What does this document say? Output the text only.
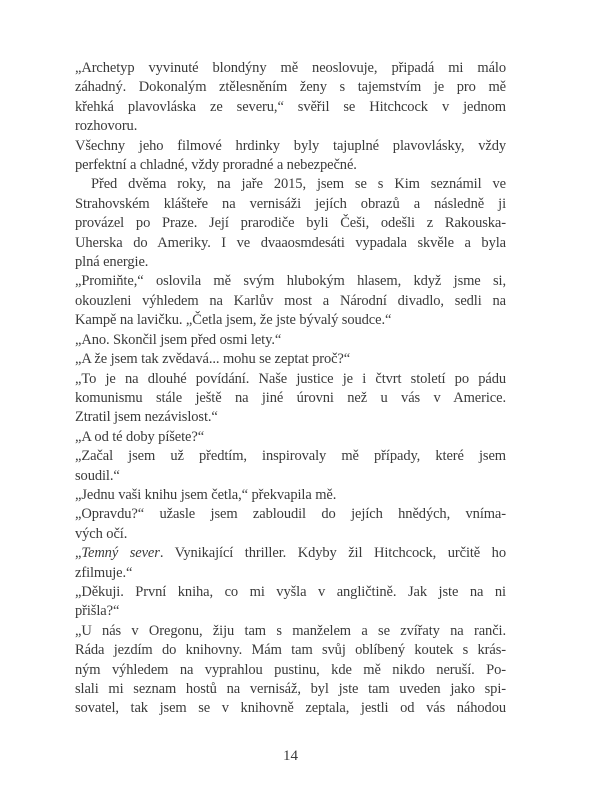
„Archetyp vyvinuté blondýny mě neoslovuje, připadá mi málo
záhadný. Dokonalým ztělesněním ženy s tajemstvím je pro mě
křehká plavovláska ze severu,“ svěřil se Hitchcock v jednom
rozhovoru.

Všechny jeho filmové hrdinky byly tajuplné plavovlásky, vždy
perfektní a chladné, vždy proradné a nebezpečné.

Před dvěma roky, na jaře 2015, jsem se s Kim seznámil ve
Strahovském klášteře na vernisáži jejích obrazů a následně ji
provázel po Praze. Její prarodiče byli Češi, odešli z Rakouska-
Uherska do Ameriky. I ve dvaaosmdesáti vypadala skvěle a byla
plná energie.

„Promiňte,“ oslovila mě svým hlubokým hlasem, když jsme si,
okouzleni výhledem na Karlův most a Národní divadlo, sedli na
Kampě na lavičku. „Četla jsem, že jste bývalý soudce.“

„Ano. Skončil jsem před osmi lety.“

„A že jsem tak zvědavá... mohu se zeptat proč?“

„To je na dlouhé povídání. Naše justice je i čtvrt století po pádu
komunismu stále ještě na jiné úrovni než u vás v Americe.
Ztratil jsem nezávislost.“

„A od té doby píšete?“

„Začal jsem už předtím, inspirovaly mě případy, které jsem
soudil.“

„Jednu vaši knihu jsem četla,“ překvapila mě.

„Opravdu?“ užasle jsem zabloudil do jejích hnědých, vníma-
vých očí.

„Temný sever. Vynikající thriller. Kdyby žil Hitchcock, určitě ho
zfilmuje.“

„Děkuji. První kniha, co mi vyšla v angličtině. Jak jste na ni
přišla?“

„U nás v Oregonu, žiju tam s manželem a se zvířaty na ranči.
Ráda jezdím do knihovny. Mám tam svůj oblíbený koutek s krás-
ným výhledem na vyprahlou pustinu, kde mě nikdo neruší. Po-
slali mi seznam hostů na vernisáž, byl jste tam uveden jako spi-
sovatel, tak jsem se v knihovně zeptala, jestli od vás náhodou

14
